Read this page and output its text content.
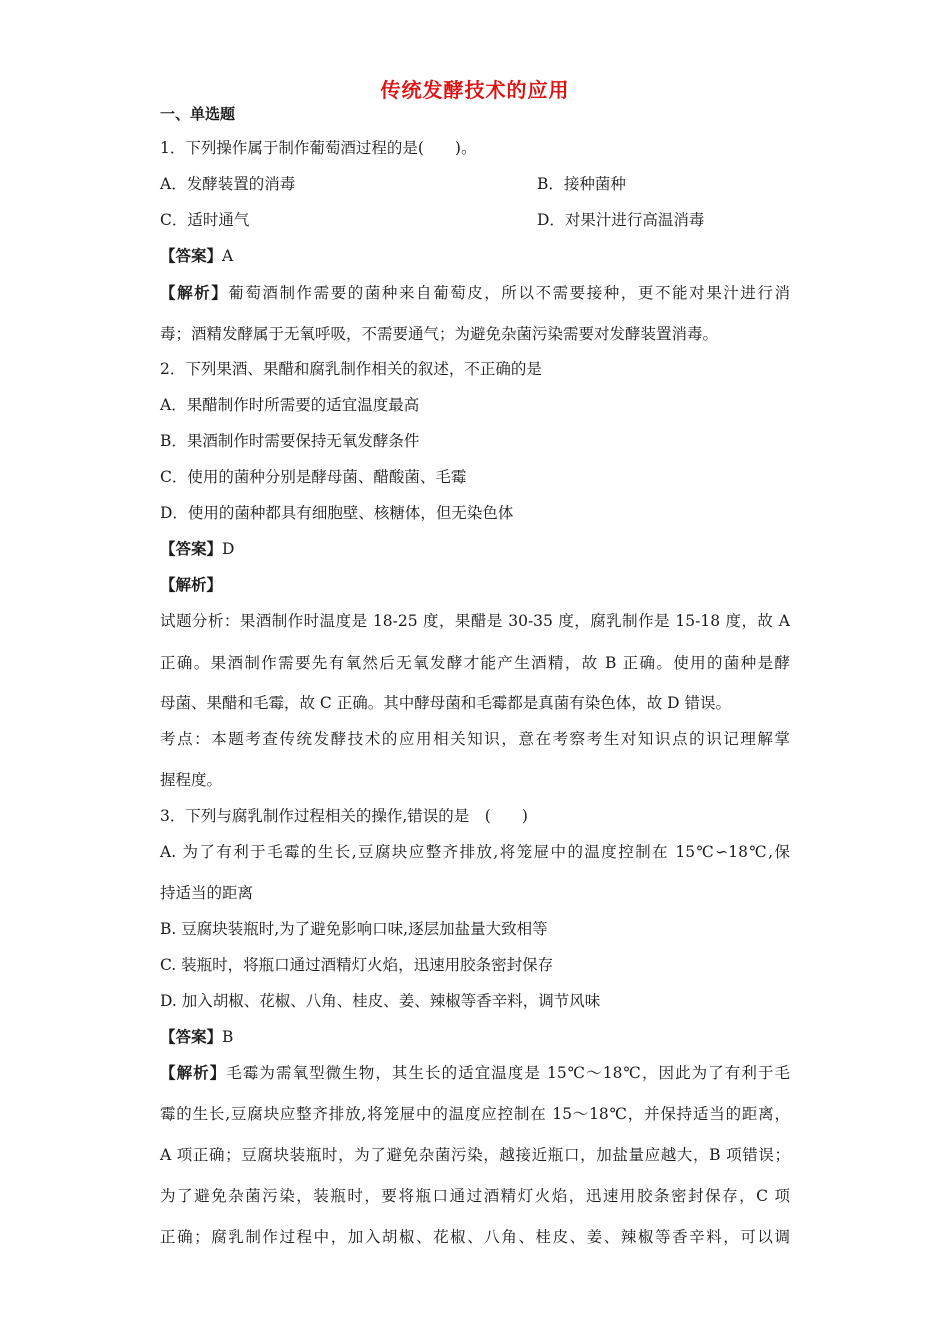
传统发酵技术的应用
一、单选题
1．下列操作属于制作葡萄酒过程的是(　　)。
A．发酵装置的消毒	B．接种菌种
C．适时通气	D．对果汁进行高温消毒
【答案】A
【解析】葡萄酒制作需要的菌种来自葡萄皮，所以不需要接种，更不能对果汁进行消
毒；酒精发酵属于无氧呼吸，不需要通气；为避免杂菌污染需要对发酵装置消毒。
2．下列果酒、果醋和腐乳制作相关的叙述，不正确的是
A．果醋制作时所需要的适宜温度最高
B．果酒制作时需要保持无氧发酵条件
C．使用的菌种分别是酵母菌、醋酸菌、毛霉
D．使用的菌种都具有细胞壁、核糖体，但无染色体
【答案】D
【解析】
试题分析：果酒制作时温度是 18-25 度，果醋是 30-35 度，腐乳制作是 15-18 度，故 A
正确。果酒制作需要先有氧然后无氧发酵才能产生酒精，故 B 正确。使用的菌种是酵
母菌、果醋和毛霉，故 C 正确。其中酵母菌和毛霉都是真菌有染色体，故 D 错误。
考点：本题考查传统发酵技术的应用相关知识，意在考察考生对知识点的识记理解掌
握程度。
3．下列与腐乳制作过程相关的操作,错误的是　(　　)
A. 为了有利于毛霉的生长,豆腐块应整齐排放,将笼屉中的温度控制在 15℃∽18℃,保
持适当的距离
B. 豆腐块装瓶时,为了避免影响口味,逐层加盐量大致相等
C. 装瓶时，将瓶口通过酒精灯火焰，迅速用胶条密封保存
D. 加入胡椒、花椒、八角、桂皮、姜、辣椒等香辛料，调节风味
【答案】B
【解析】毛霉为需氧型微生物，其生长的适宜温度是 15℃～18℃，因此为了有利于毛
霉的生长,豆腐块应整齐排放,将笼屉中的温度应控制在 15～18℃，并保持适当的距离，
A 项正确；豆腐块装瓶时，为了避免杂菌污染，越接近瓶口，加盐量应越大，B 项错误；
为了避免杂菌污染，装瓶时，要将瓶口通过酒精灯火焰，迅速用胶条密封保存，C 项
正确；腐乳制作过程中，加入胡椒、花椒、八角、桂皮、姜、辣椒等香辛料，可以调
